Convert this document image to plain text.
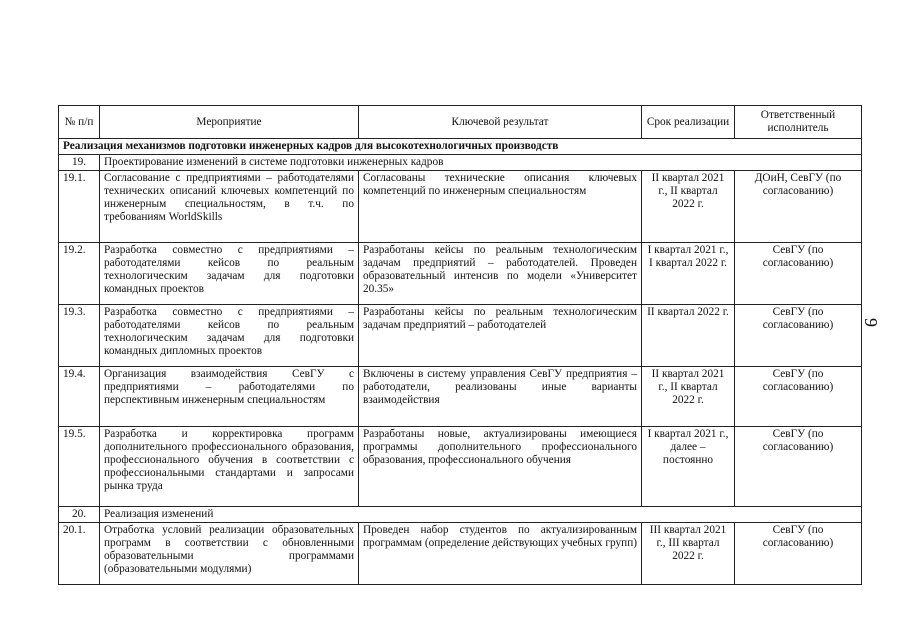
№ п/п	Мероприятие	Ключевой результат	Срок реализации	Ответственный исполнитель
Реализация механизмов подготовки инженерных кадров для высокотехнологичных производств				
19.	Проектирование изменений в системе подготовки инженерных кадров			
19.1.	Согласование с предприятиями – работодателями технических описаний ключевых компетенций по инженерным специальностям, в т.ч. по требованиям WorldSkills	Согласованы технические описания ключевых компетенций по инженерным специальностям	II квартал 2021 г., II квартал 2022 г.	ДОиН, СевГУ (по согласованию)
19.2.	Разработка совместно с предприятиями – работодателями кейсов по реальным технологическим задачам для подготовки командных проектов	Разработаны кейсы по реальным технологическим задачам предприятий – работодателей. Проведен образовательный интенсив по модели «Университет 20.35»	I квартал 2021 г., I квартал 2022 г.	СевГУ (по согласованию)
19.3.	Разработка совместно с предприятиями – работодателями кейсов по реальным технологическим задачам для подготовки командных дипломных проектов	Разработаны кейсы по реальным технологическим задачам предприятий – работодателей	II квартал 2022 г.	СевГУ (по согласованию)
19.4.	Организация взаимодействия СевГУ с предприятиями – работодателями по перспективным инженерным специальностям	Включены в систему управления СевГУ предприятия – работодатели, реализованы иные варианты взаимодействия	II квартал 2021 г., II квартал 2022 г.	СевГУ (по согласованию)
19.5.	Разработка и корректировка программ дополнительного профессионального образования, профессионального обучения в соответствии с профессиональными стандартами и запросами рынка труда	Разработаны новые, актуализированы имеющиеся программы дополнительного профессионального образования, профессионального обучения	I квартал 2021 г., далее – постоянно	СевГУ (по согласованию)
20.	Реализация изменений			
20.1.	Отработка условий реализации образовательных программ в соответствии с обновленными образовательными программами (образовательными модулями)	Проведен набор студентов по актуализированным программам (определение действующих учебных групп)	III квартал 2021 г., III квартал 2022 г.	СевГУ (по согласованию)
9
